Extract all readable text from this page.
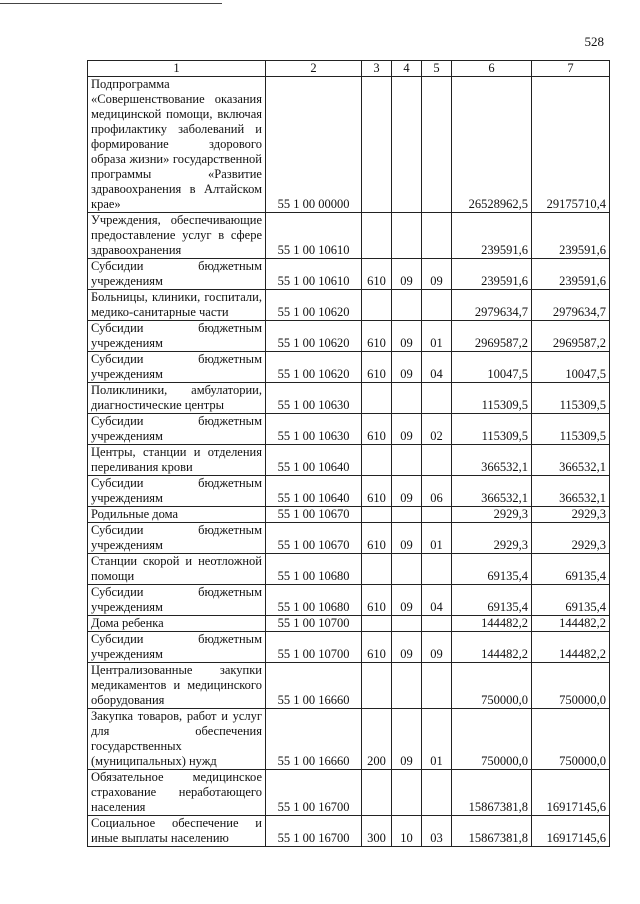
528
1	2	3	4	5	6	7
Подпрограмма «Совершенствование оказания медицинской помощи, включая профилактику заболеваний и формирование здорового образа жизни» государственной программы «Развитие здравоохранения в Алтайском крае»	55 1 00 00000				26528962,5	29175710,4
Учреждения, обеспечивающие предоставление услуг в сфере здравоохранения	55 1 00 10610				239591,6	239591,6
Субсидии бюджетным учреждениям	55 1 00 10610	610	09	09	239591,6	239591,6
Больницы, клиники, госпитали, медико-санитарные части	55 1 00 10620				2979634,7	2979634,7
Субсидии бюджетным учреждениям	55 1 00 10620	610	09	01	2969587,2	2969587,2
Субсидии бюджетным учреждениям	55 1 00 10620	610	09	04	10047,5	10047,5
Поликлиники, амбулатории, диагностические центры	55 1 00 10630				115309,5	115309,5
Субсидии бюджетным учреждениям	55 1 00 10630	610	09	02	115309,5	115309,5
Центры, станции и отделения переливания крови	55 1 00 10640				366532,1	366532,1
Субсидии бюджетным учреждениям	55 1 00 10640	610	09	06	366532,1	366532,1
Родильные дома	55 1 00 10670				2929,3	2929,3
Субсидии бюджетным учреждениям	55 1 00 10670	610	09	01	2929,3	2929,3
Станции скорой и неотложной помощи	55 1 00 10680				69135,4	69135,4
Субсидии бюджетным учреждениям	55 1 00 10680	610	09	04	69135,4	69135,4
Дома ребенка	55 1 00 10700				144482,2	144482,2
Субсидии бюджетным учреждениям	55 1 00 10700	610	09	09	144482,2	144482,2
Централизованные закупки медикаментов и медицинского оборудования	55 1 00 16660				750000,0	750000,0
Закупка товаров, работ и услуг для обеспечения государственных (муниципальных) нужд	55 1 00 16660	200	09	01	750000,0	750000,0
Обязательное медицинское страхование неработающего населения	55 1 00 16700				15867381,8	16917145,6
Социальное обеспечение и иные выплаты населению	55 1 00 16700	300	10	03	15867381,8	16917145,6
